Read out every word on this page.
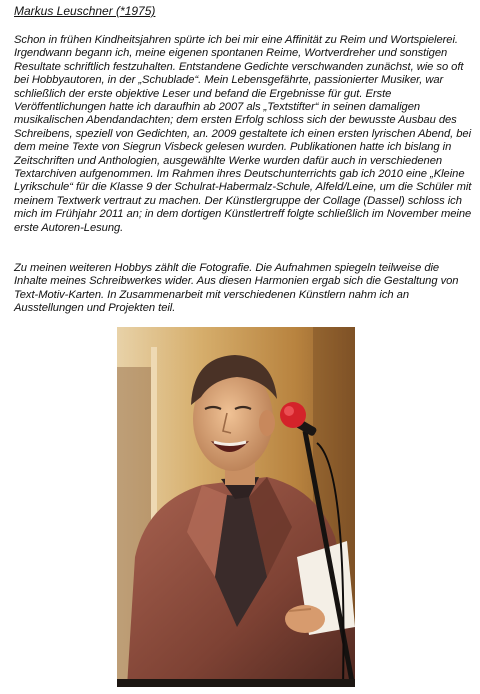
Markus Leuschner (*1975)

Schon in frühen Kindheitsjahren spürte ich bei mir eine Affinität zu Reim und Wortspielerei. Irgendwann begann ich, meine eigenen spontanen Reime, Wortverdreher und sonstigen Resultate schriftlich festzuhalten. Entstandene Gedichte verschwanden zunächst, wie so oft bei Hobbyautoren, in der „Schublade“. Mein Lebensgefährte, passionierter Musiker, war schließlich der erste objektive Leser und befand die Ergebnisse für gut. Erste Veröffentlichungen hatte ich daraufhin ab 2007 als „Textstifter“ in seinen damaligen musikalischen Abendandachten; dem ersten Erfolg schloss sich der bewusste Ausbau des Schreibens, speziell von Gedichten, an. 2009 gestaltete ich einen ersten lyrischen Abend, bei dem meine Texte von Siegrun Visbeck gelesen wurden. Publikationen hatte ich bislang in Zeitschriften und Anthologien, ausgewählte Werke wurden dafür auch in verschiedenen Textarchiven aufgenommen. Im Rahmen ihres Deutschunterrichts gab ich 2010 eine „Kleine Lyrikschule“ für die Klasse 9 der Schulrat-Habermalz-Schule, Alfeld/Leine, um die Schüler mit meinem Textwerk vertraut zu machen. Der Künstlergruppe der Collage (Dassel) schloss ich mich im Frühjahr 2011 an; in dem dortigen Künstlertreff folgte schließlich im November meine erste Autoren-Lesung.

Zu meinen weiteren Hobbys zählt die Fotografie. Die Aufnahmen spiegeln teilweise die Inhalte meines Schreibwerkes wider. Aus diesen Harmonien ergab sich die Gestaltung von Text-Motiv-Karten. In Zusammenarbeit mit verschiedenen Künstlern nahm ich an Ausstellungen und Projekten teil.
